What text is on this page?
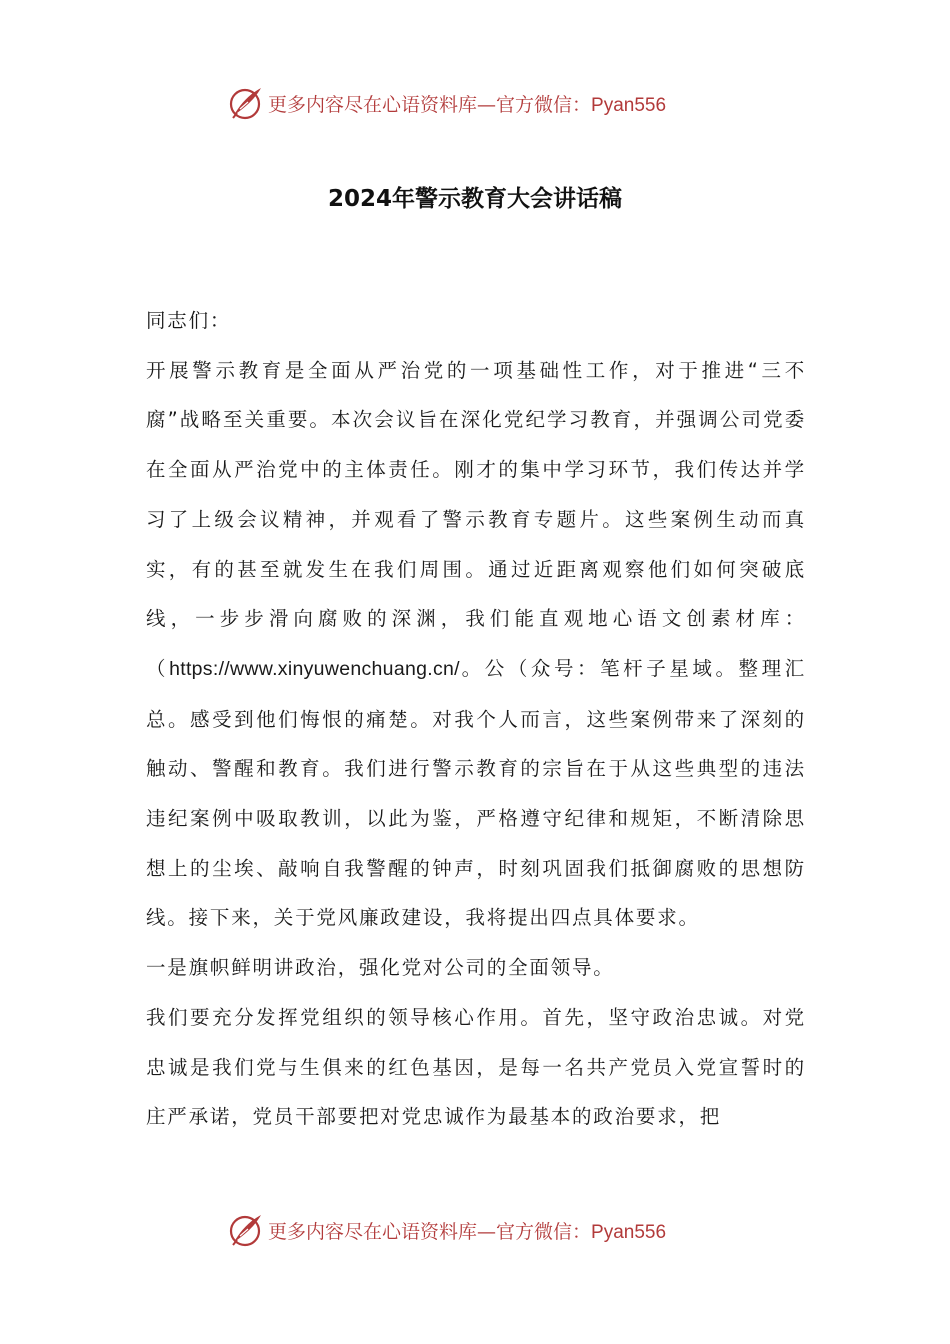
更多内容尽在心语资料库—官方微信：Pyan556
2024年警示教育大会讲话稿

同志们：

开展警示教育是全面从严治党的一项基础性工作，对于推进“三不腐”战略至关重要。本次会议旨在深化党纪学习教育，并强调公司党委在全面从严治党中的主体责任。刚才的集中学习环节，我们传达并学习了上级会议精神，并观看了警示教育专题片。这些案例生动而真实，有的甚至就发生在我们周围。通过近距离观察他们如何突破底线，一步步滑向腐败的深渊，我们能直观地心语文创素材库：（https://www.xinyuwenchuang.cn/。公（众号：笔杆子星域。整理汇总。感受到他们悔恨的痛楚。对我个人而言，这些案例带来了深刻的触动、警醒和教育。我们进行警示教育的宗旨在于从这些典型的违法违纪案例中吸取教训，以此为鉴，严格遵守纪律和规矩，不断清除思想上的尘埃、敲响自我警醒的钟声，时刻巩固我们抵御腐败的思想防线。接下来，关于党风廉政建设，我将提出四点具体要求。

一是旗帜鲜明讲政治，强化党对公司的全面领导。

我们要充分发挥党组织的领导核心作用。首先，坚守政治忠诚。对党忠诚是我们党与生俱来的红色基因，是每一名共产党员入党宣誓时的庄严承诺，党员干部要把对党忠诚作为最基本的政治要求，把

更多内容尽在心语资料库—官方微信：Pyan556
